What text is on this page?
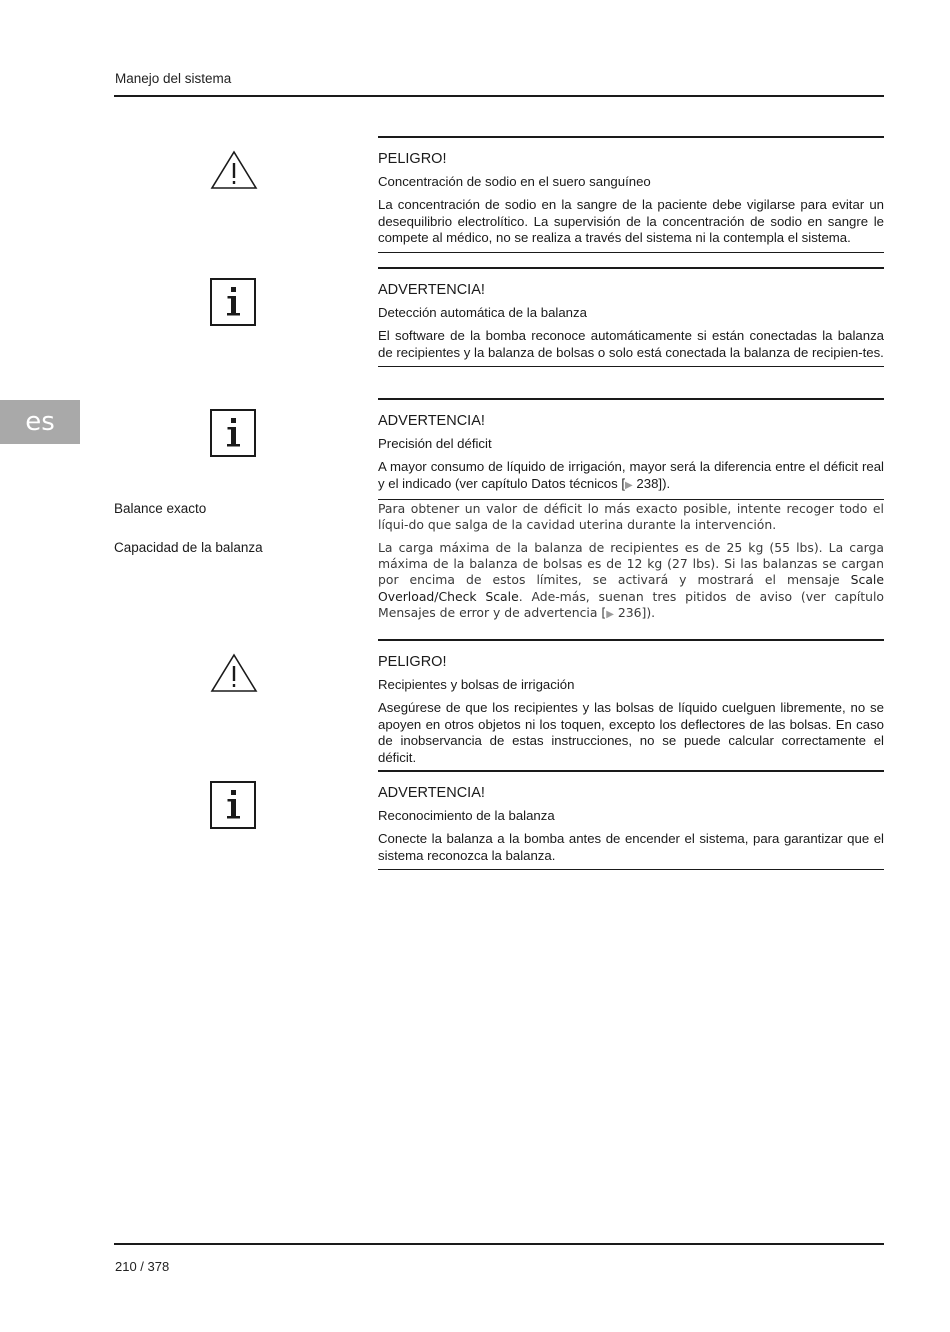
Manejo del sistema
es

PELIGRO!

Concentración de sodio en el suero sanguíneo

La concentración de sodio en la sangre de la paciente debe vigilarse para evitar un desequilibrio electrolítico. La supervisión de la concentración de sodio en sangre le compete al médico, no se realiza a través del sistema ni la contempla el sistema.

ADVERTENCIA!

Detección automática de la balanza

El software de la bomba reconoce automáticamente si están conectadas la balanza de recipientes y la balanza de bolsas o solo está conectada la balanza de recipien-tes.

ADVERTENCIA!

Precisión del déficit

A mayor consumo de líquido de irrigación, mayor será la diferencia entre el déficit real y el indicado (ver capítulo Datos técnicos [▶ 238]).

Balance exacto	Para obtener un valor de déficit lo más exacto posible, intente recoger todo el líqui-do que salga de la cavidad uterina durante la intervención.
Capacidad de la balanza	La carga máxima de la balanza de recipientes es de 25 kg (55 lbs). La carga máxima de la balanza de bolsas es de 12 kg (27 lbs). Si las balanzas se cargan por encima de estos límites, se activará y mostrará el mensaje Scale Overload/Check Scale. Ade-más, suenan tres pitidos de aviso (ver capítulo Mensajes de error y de advertencia [▶ 236]).

PELIGRO!

Recipientes y bolsas de irrigación

Asegúrese de que los recipientes y las bolsas de líquido cuelguen libremente, no se apoyen en otros objetos ni los toquen, excepto los deflectores de las bolsas. En caso de inobservancia de estas instrucciones, no se puede calcular correctamente el déficit.

ADVERTENCIA!

Reconocimiento de la balanza

Conecte la balanza a la bomba antes de encender el sistema, para garantizar que el sistema reconozca la balanza.

210 / 378
